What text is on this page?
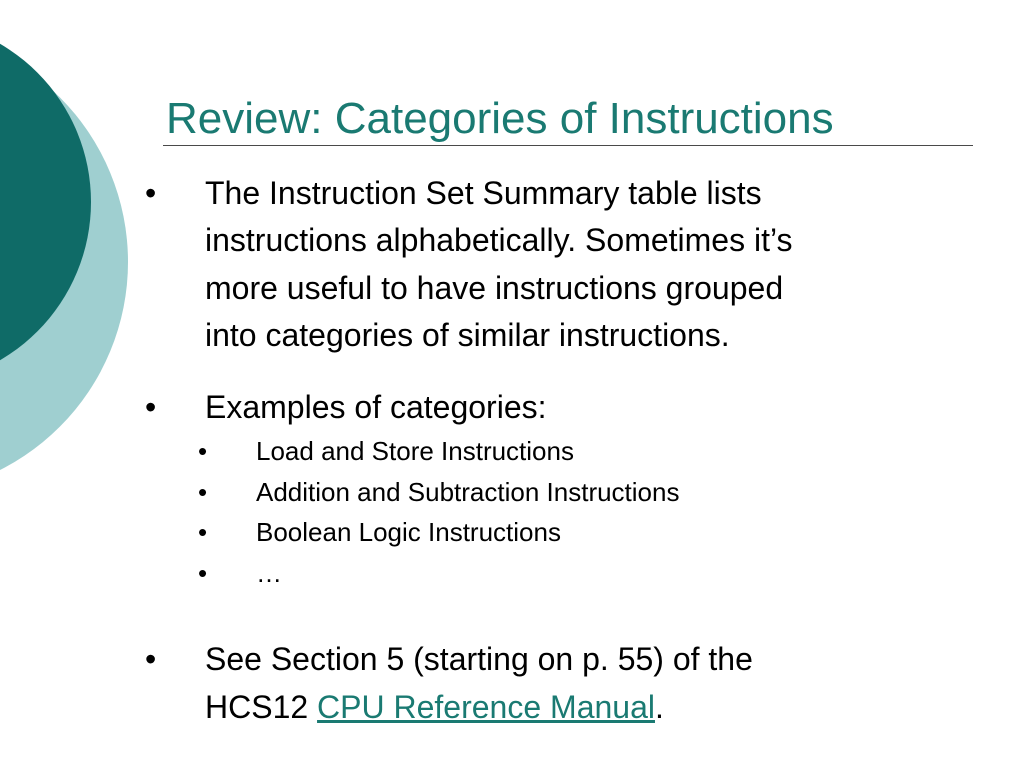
Review: Categories of Instructions
•	The Instruction Set Summary table lists
instructions alphabetically. Sometimes it’s
more useful to have instructions grouped
into categories of similar instructions.
•	Examples of categories:
•	Load and Store Instructions
•	Addition and Subtraction Instructions
•	Boolean Logic Instructions
•	…
•	See Section 5 (starting on p. 55) of the
HCS12 CPU Reference Manual.
